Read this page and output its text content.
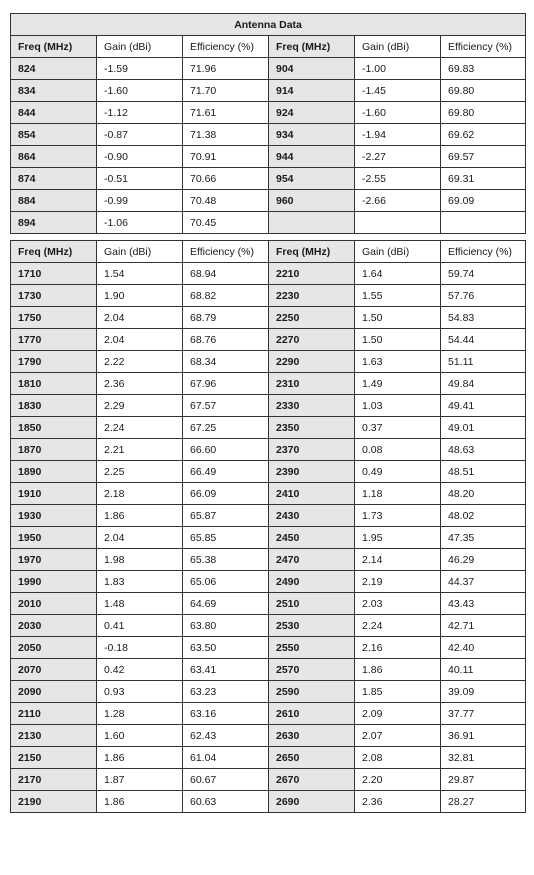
Antenna Data					
Freq (MHz)	Gain (dBi)	Efficiency (%)	Freq (MHz)	Gain (dBi)	Efficiency (%)
824	-1.59	71.96	904	-1.00	69.83
834	-1.60	71.70	914	-1.45	69.80
844	-1.12	71.61	924	-1.60	69.80
854	-0.87	71.38	934	-1.94	69.62
864	-0.90	70.91	944	-2.27	69.57
874	-0.51	70.66	954	-2.55	69.31
884	-0.99	70.48	960	-2.66	69.09
894	-1.06	70.45			
Freq (MHz)	Gain (dBi)	Efficiency (%)	Freq (MHz)	Gain (dBi)	Efficiency (%)
1710	1.54	68.94	2210	1.64	59.74
1730	1.90	68.82	2230	1.55	57.76
1750	2.04	68.79	2250	1.50	54.83
1770	2.04	68.76	2270	1.50	54.44
1790	2.22	68.34	2290	1.63	51.11
1810	2.36	67.96	2310	1.49	49.84
1830	2.29	67.57	2330	1.03	49.41
1850	2.24	67.25	2350	0.37	49.01
1870	2.21	66.60	2370	0.08	48.63
1890	2.25	66.49	2390	0.49	48.51
1910	2.18	66.09	2410	1.18	48.20
1930	1.86	65.87	2430	1.73	48.02
1950	2.04	65.85	2450	1.95	47.35
1970	1.98	65.38	2470	2.14	46.29
1990	1.83	65.06	2490	2.19	44.37
2010	1.48	64.69	2510	2.03	43.43
2030	0.41	63.80	2530	2.24	42.71
2050	-0.18	63.50	2550	2.16	42.40
2070	0.42	63.41	2570	1.86	40.11
2090	0.93	63.23	2590	1.85	39.09
2110	1.28	63.16	2610	2.09	37.77
2130	1.60	62.43	2630	2.07	36.91
2150	1.86	61.04	2650	2.08	32.81
2170	1.87	60.67	2670	2.20	29.87
2190	1.86	60.63	2690	2.36	28.27
